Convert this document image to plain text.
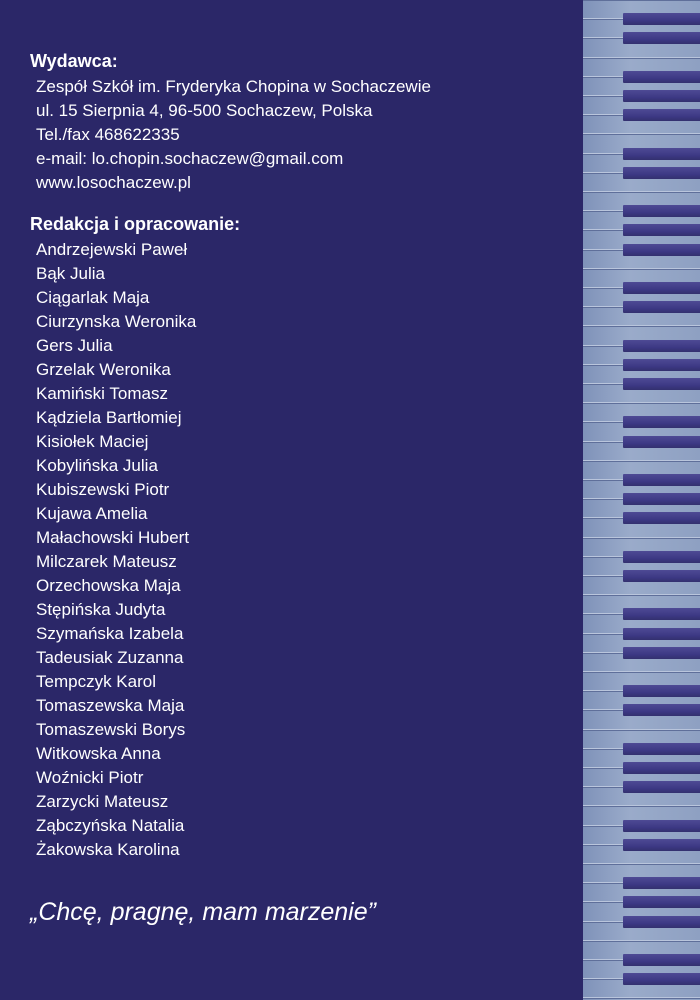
Wydawca:
Zespół Szkół im. Fryderyka Chopina w Sochaczewie
ul. 15 Sierpnia 4, 96-500 Sochaczew, Polska
Tel./fax 468622335
e-mail: lo.chopin.sochaczew@gmail.com
www.losochaczew.pl
Redakcja i opracowanie:
Andrzejewski Paweł
Bąk Julia
Ciągarlak Maja
Ciurzynska Weronika
Gers Julia
Grzelak Weronika
Kamiński Tomasz
Kądziela Bartłomiej
Kisiołek Maciej
Kobylińska Julia
Kubiszewski Piotr
Kujawa Amelia
Małachowski Hubert
Milczarek Mateusz
Orzechowska Maja
Stępińska Judyta
Szymańska Izabela
Tadeusiak Zuzanna
Tempczyk Karol
Tomaszewska Maja
Tomaszewski Borys
Witkowska Anna
Woźnicki Piotr
Zarzycki Mateusz
Ząbczyńska Natalia
Żakowska Karolina
„Chcę, pragnę, mam marzenie”
